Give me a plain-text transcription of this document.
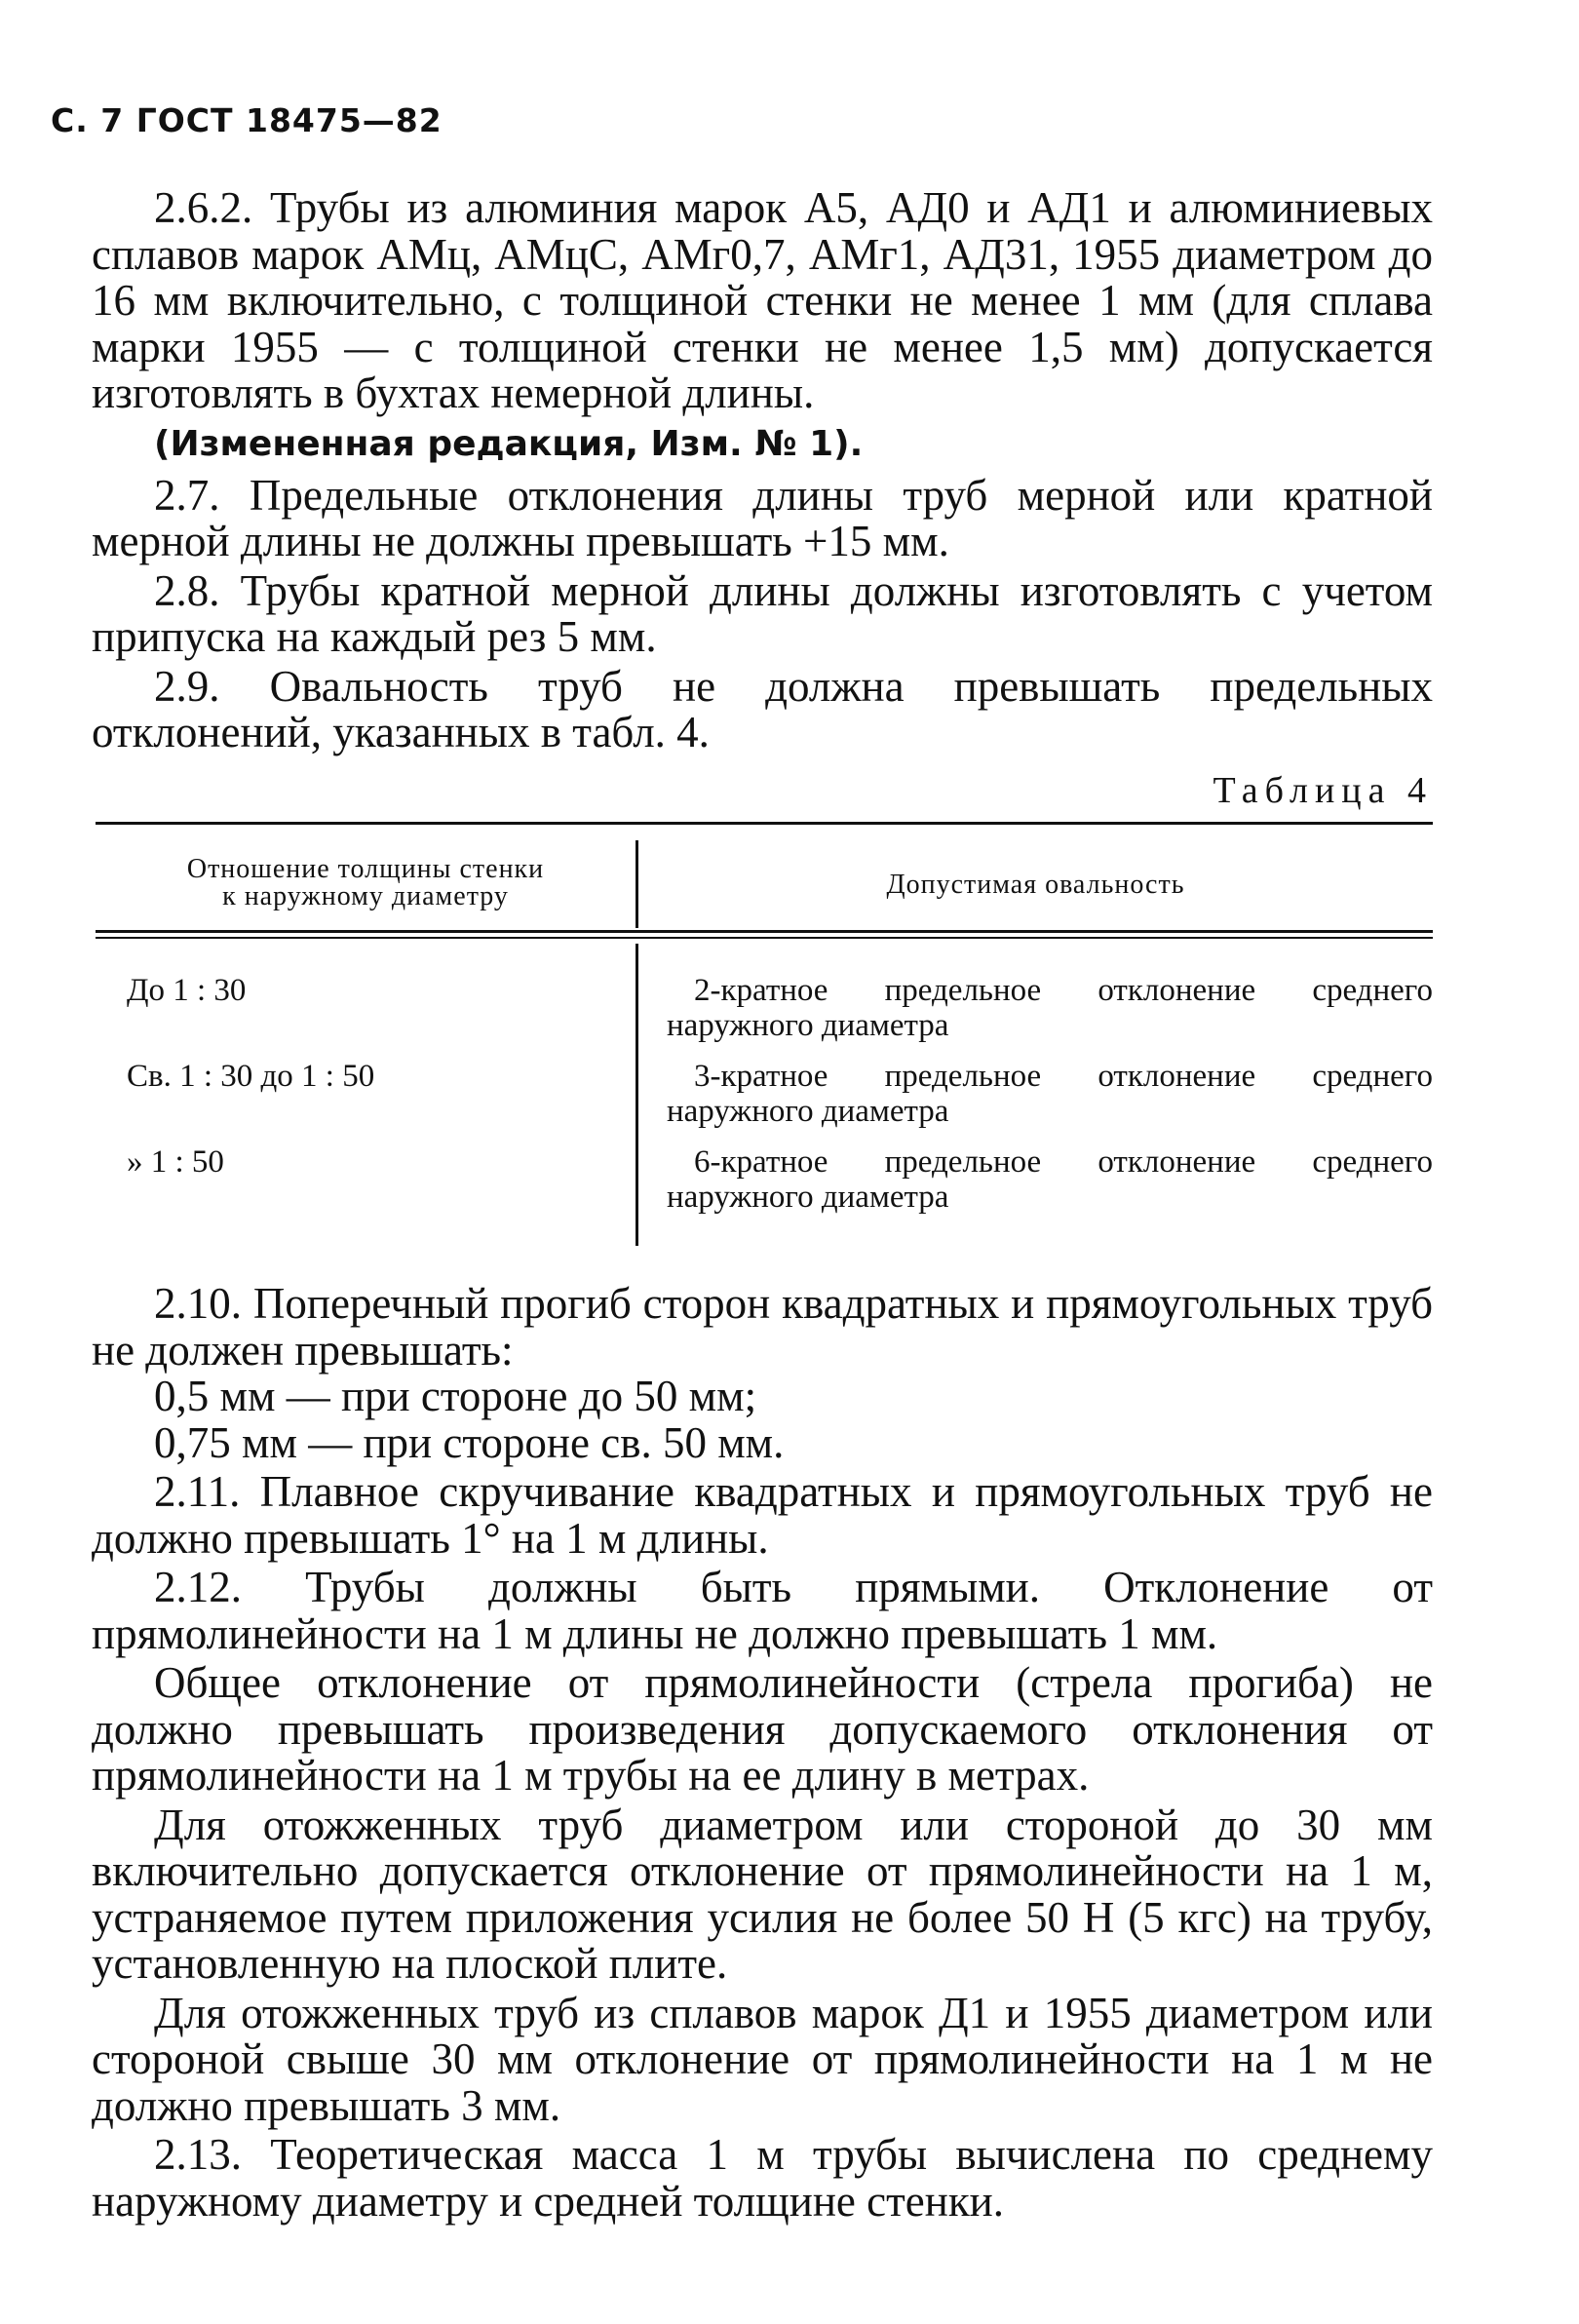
С. 7 ГОСТ 18475—82

2.6.2. Трубы из алюминия марок А5, АД0 и АД1 и алюминиевых сплавов марок АМц, АМцС, АМг0,7, АМг1, АД31, 1955 диаметром до 16 мм включительно, с толщиной стенки не менее 1 мм (для сплава марки 1955 — с толщиной стенки не менее 1,5 мм) допускается изготовлять в бухтах немерной длины.

(Измененная редакция, Изм. № 1).

2.7. Предельные отклонения длины труб мерной или кратной мерной длины не должны превышать +15 мм.

2.8. Трубы кратной мерной длины должны изготовлять с учетом припуска на каждый рез 5 мм.

2.9. Овальность труб не должна превышать предельных отклонений, указанных в табл. 4.

Таблица 4
Отношение толщины стенки
к наружному диаметру	Допустимая овальность
До 1 : 30	2-кратное предельное отклонение среднего
наружного диаметра
Св. 1 : 30 до 1 : 50	3-кратное предельное отклонение среднего
наружного диаметра
» 1 : 50	6-кратное предельное отклонение среднего
наружного диаметра

2.10. Поперечный прогиб сторон квадратных и прямоугольных труб не должен превышать:

0,5 мм — при стороне до 50 мм;

0,75 мм — при стороне св. 50 мм.

2.11. Плавное скручивание квадратных и прямоугольных труб не должно превышать 1° на 1 м длины.

2.12. Трубы должны быть прямыми. Отклонение от прямолинейности на 1 м длины не должно превышать 1 мм.

Общее отклонение от прямолинейности (стрела прогиба) не должно превышать произведения допускаемого отклонения от прямолинейности на 1 м трубы на ее длину в метрах.

Для отожженных труб диаметром или стороной до 30 мм включительно допускается отклонение от прямолинейности на 1 м, устраняемое путем приложения усилия не более 50 Н (5 кгс) на трубу, установленную на плоской плите.

Для отожженных труб из сплавов марок Д1 и 1955 диаметром или стороной свыше 30 мм отклонение от прямолинейности на 1 м не должно превышать 3 мм.

2.13. Теоретическая масса 1 м трубы вычислена по среднему наружному диаметру и средней толщине стенки.
